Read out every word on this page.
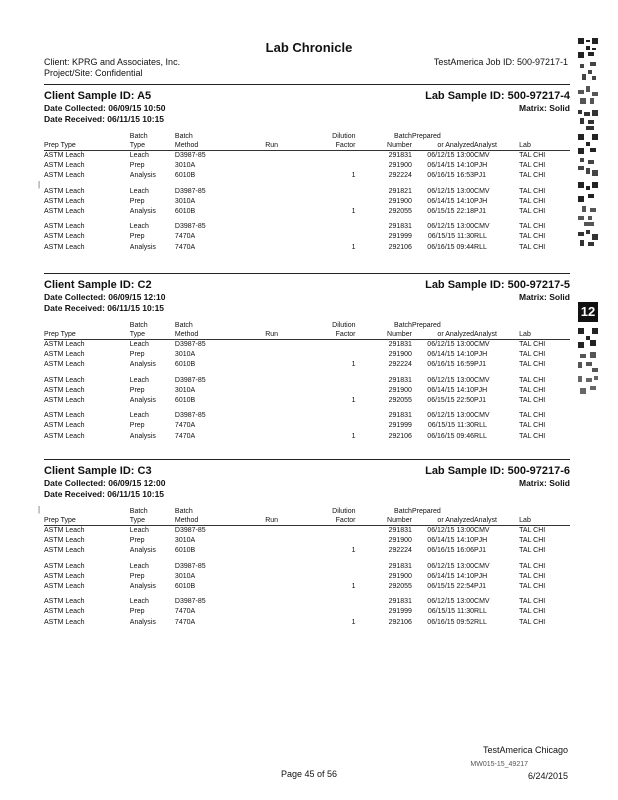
Lab Chronicle
Client: KPRG and Associates, Inc.
Project/Site: Confidential
TestAmerica Job ID: 500-97217-1
Client Sample ID: A5	Lab Sample ID: 500-97217-4
Date Collected: 06/09/15 10:50	Matrix: Solid
Date Received: 06/11/15 10:15
	Batch	Batch		Dilution	Batch	Prepared		
Prep Type	Type	Method	Run	Factor	Number	or Analyzed	Analyst	Lab
ASTM Leach	Leach	D3987-85			291831	06/12/15 13:00	CMV	TAL CHI
ASTM Leach	Prep	3010A			291900	06/14/15 14:10	PJH	TAL CHI
ASTM Leach	Analysis	6010B		1	292224	06/16/15 16:53	PJ1	TAL CHI
ASTM Leach	Leach	D3987-85			291821	06/12/15 13:00	CMV	TAL CHI
ASTM Leach	Prep	3010A			291900	06/14/15 14:10	PJH	TAL CHI
ASTM Leach	Analysis	6010B		1	292055	06/15/15 22:18	PJ1	TAL CHI
ASTM Leach	Leach	D3987-85			291831	06/12/15 13:00	CMV	TAL CHI
ASTM Leach	Prep	7470A			291999	06/15/15 11:30	RLL	TAL CHI
ASTM Leach	Analysis	7470A		1	292106	06/16/15 09:44	RLL	TAL CHI
Client Sample ID: C2	Lab Sample ID: 500-97217-5
Date Collected: 06/09/15 12:10	Matrix: Solid
Date Received: 06/11/15 10:15
	Batch	Batch		Dilution	Batch	Prepared		
Prep Type	Type	Method	Run	Factor	Number	or Analyzed	Analyst	Lab
ASTM Leach	Leach	D3987-85			291831	06/12/15 13:00	CMV	TAL CHI
ASTM Leach	Prep	3010A			291900	06/14/15 14:10	PJH	TAL CHI
ASTM Leach	Analysis	6010B		1	292224	06/16/15 16:59	PJ1	TAL CHI
ASTM Leach	Leach	D3987-85			291831	06/12/15 13:00	CMV	TAL CHI
ASTM Leach	Prep	3010A			291900	06/14/15 14:10	PJH	TAL CHI
ASTM Leach	Analysis	6010B		1	292055	06/15/15 22:50	PJ1	TAL CHI
ASTM Leach	Leach	D3987-85			291831	06/12/15 13:00	CMV	TAL CHI
ASTM Leach	Prep	7470A			291999	06/15/15 11:30	RLL	TAL CHI
ASTM Leach	Analysis	7470A		1	292106	06/16/15 09:46	RLL	TAL CHI
Client Sample ID: C3	Lab Sample ID: 500-97217-6
Date Collected: 06/09/15 12:00	Matrix: Solid
Date Received: 06/11/15 10:15
	Batch	Batch		Dilution	Batch	Prepared		
Prep Type	Type	Method	Run	Factor	Number	or Analyzed	Analyst	Lab
ASTM Leach	Leach	D3987-85			291831	06/12/15 13:00	CMV	TAL CHI
ASTM Leach	Prep	3010A			291900	06/14/15 14:10	PJH	TAL CHI
ASTM Leach	Analysis	6010B		1	292224	06/16/15 16:06	PJ1	TAL CHI
ASTM Leach	Leach	D3987-85			291831	06/12/15 13:00	CMV	TAL CHI
ASTM Leach	Prep	3010A			291900	06/14/15 14:10	PJH	TAL CHI
ASTM Leach	Analysis	6010B		1	292055	06/15/15 22:54	PJ1	TAL CHI
ASTM Leach	Leach	D3987-85			291831	06/12/15 13:00	CMV	TAL CHI
ASTM Leach	Prep	7470A			291999	06/15/15 11:30	RLL	TAL CHI
ASTM Leach	Analysis	7470A		1	292106	06/16/15 09:52	RLL	TAL CHI
TestAmerica Chicago
MW015-15_49217
Page 45 of 56	6/24/2015
12
|
|
